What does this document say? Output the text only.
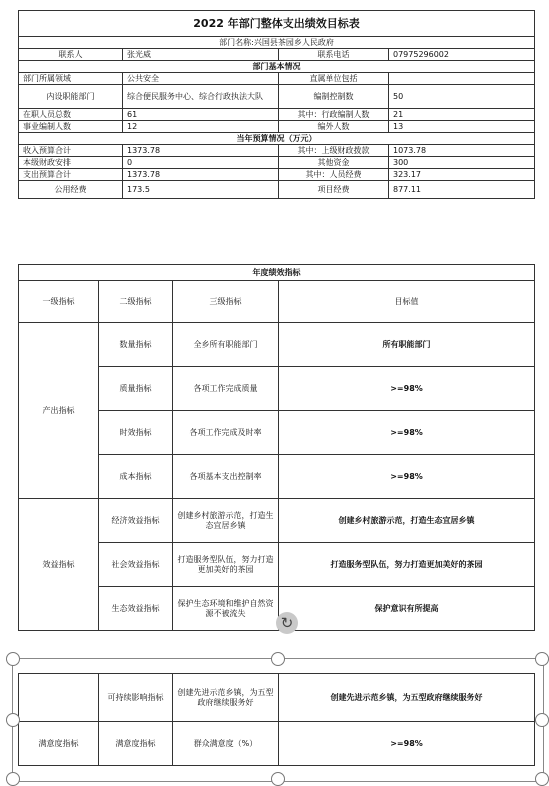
2022 年部门整体支出绩效目标表			
部门名称:兴国县茶园乡人民政府			
联系人	张光威	联系电话	07975296002
部门基本情况			
部门所属领域	公共安全	直属单位包括	
内设职能部门	综合便民服务中心、综合行政执法大队	编制控制数	50
在职人员总数	61	其中：行政编制人数	21
事业编制人数	12	编外人数	13
当年预算情况（万元）			
收入预算合计	1373.78	其中：上级财政拨款	1073.78
本级财政安排	0	其他资金	300
支出预算合计	1373.78	其中：人员经费	323.17
公用经费	173.5	项目经费	877.11
年度绩效指标			
一级指标	二级指标	三级指标	目标值
产出指标	数量指标	全乡所有职能部门	所有职能部门
	质量指标	各项工作完成质量	>=98%
	时效指标	各项工作完成及时率	>=98%
	成本指标	各项基本支出控制率	>=98%
效益指标	经济效益指标	创建乡村旅游示范，打造生态宜居乡镇	创建乡村旅游示范，打造生态宜居乡镇
	社会效益指标	打造服务型队伍，努力打造更加美好的茶园	打造服务型队伍，努力打造更加美好的茶园
	生态效益指标	保护生态环境和维护自然资源不被流失	保护意识有所提高
	可持续影响指标	创建先进示范乡镇，为五型政府继续服务好	创建先进示范乡镇，为五型政府继续服务好
满意度指标	满意度指标	群众满意度（%）	>=98%
↻
